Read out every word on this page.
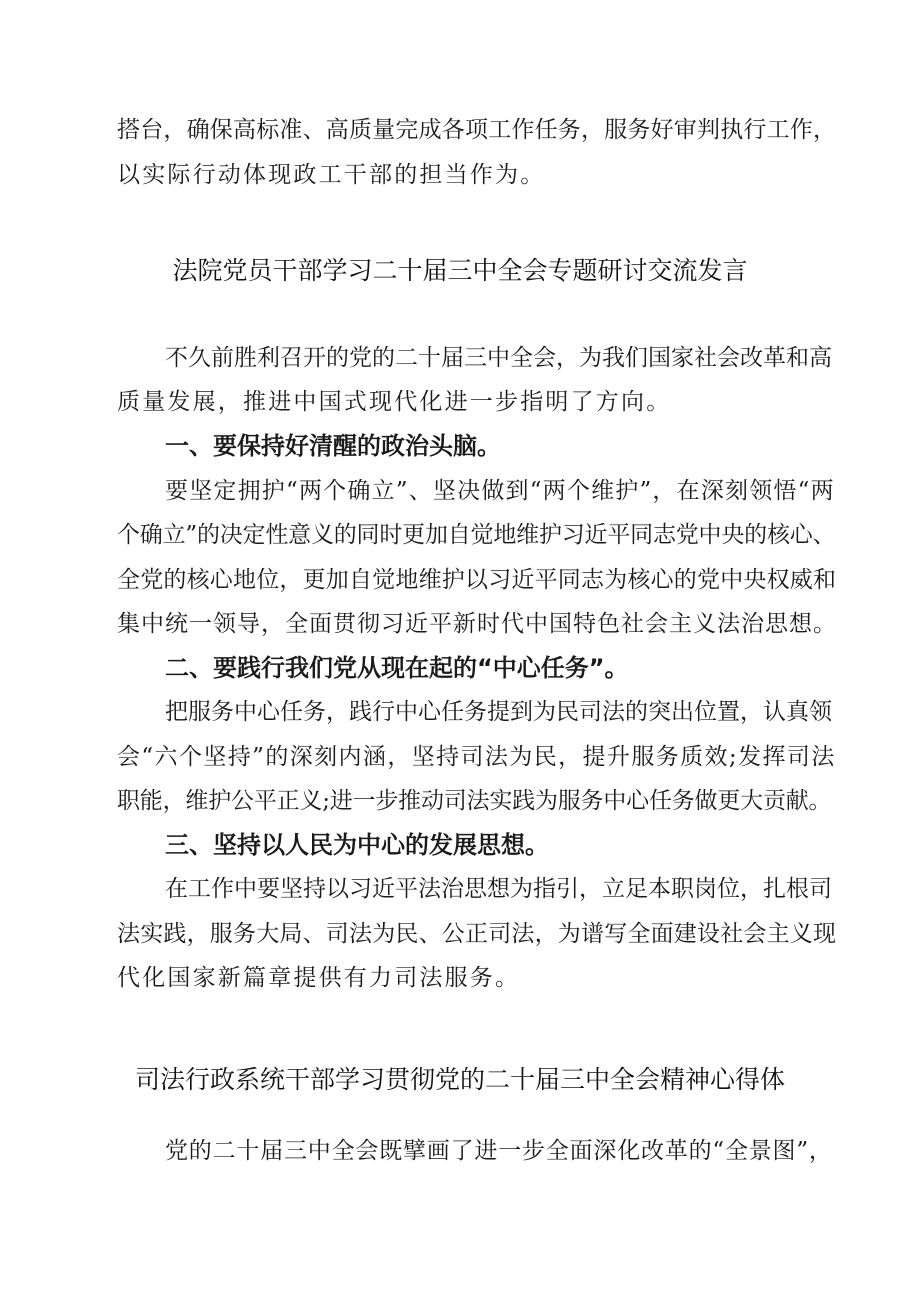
搭台，确保高标准、高质量完成各项工作任务，服务好审判执行工作，
以实际行动体现政工干部的担当作为。
法院党员干部学习二十届三中全会专题研讨交流发言
不久前胜利召开的党的二十届三中全会，为我们国家社会改革和高
质量发展，推进中国式现代化进一步指明了方向。
一、要保持好清醒的政治头脑。
要坚定拥护“两个确立”、坚决做到“两个维护”，在深刻领悟“两
个确立”的决定性意义的同时更加自觉地维护习近平同志党中央的核心、
全党的核心地位，更加自觉地维护以习近平同志为核心的党中央权威和
集中统一领导，全面贯彻习近平新时代中国特色社会主义法治思想。
二、要践行我们党从现在起的“中心任务”。
把服务中心任务，践行中心任务提到为民司法的突出位置，认真领
会“六个坚持”的深刻内涵，坚持司法为民，提升服务质效;发挥司法
职能，维护公平正义;进一步推动司法实践为服务中心任务做更大贡献。
三、坚持以人民为中心的发展思想。
在工作中要坚持以习近平法治思想为指引，立足本职岗位，扎根司
法实践，服务大局、司法为民、公正司法，为谱写全面建设社会主义现
代化国家新篇章提供有力司法服务。
司法行政系统干部学习贯彻党的二十届三中全会精神心得体
党的二十届三中全会既擘画了进一步全面深化改革的“全景图”，
